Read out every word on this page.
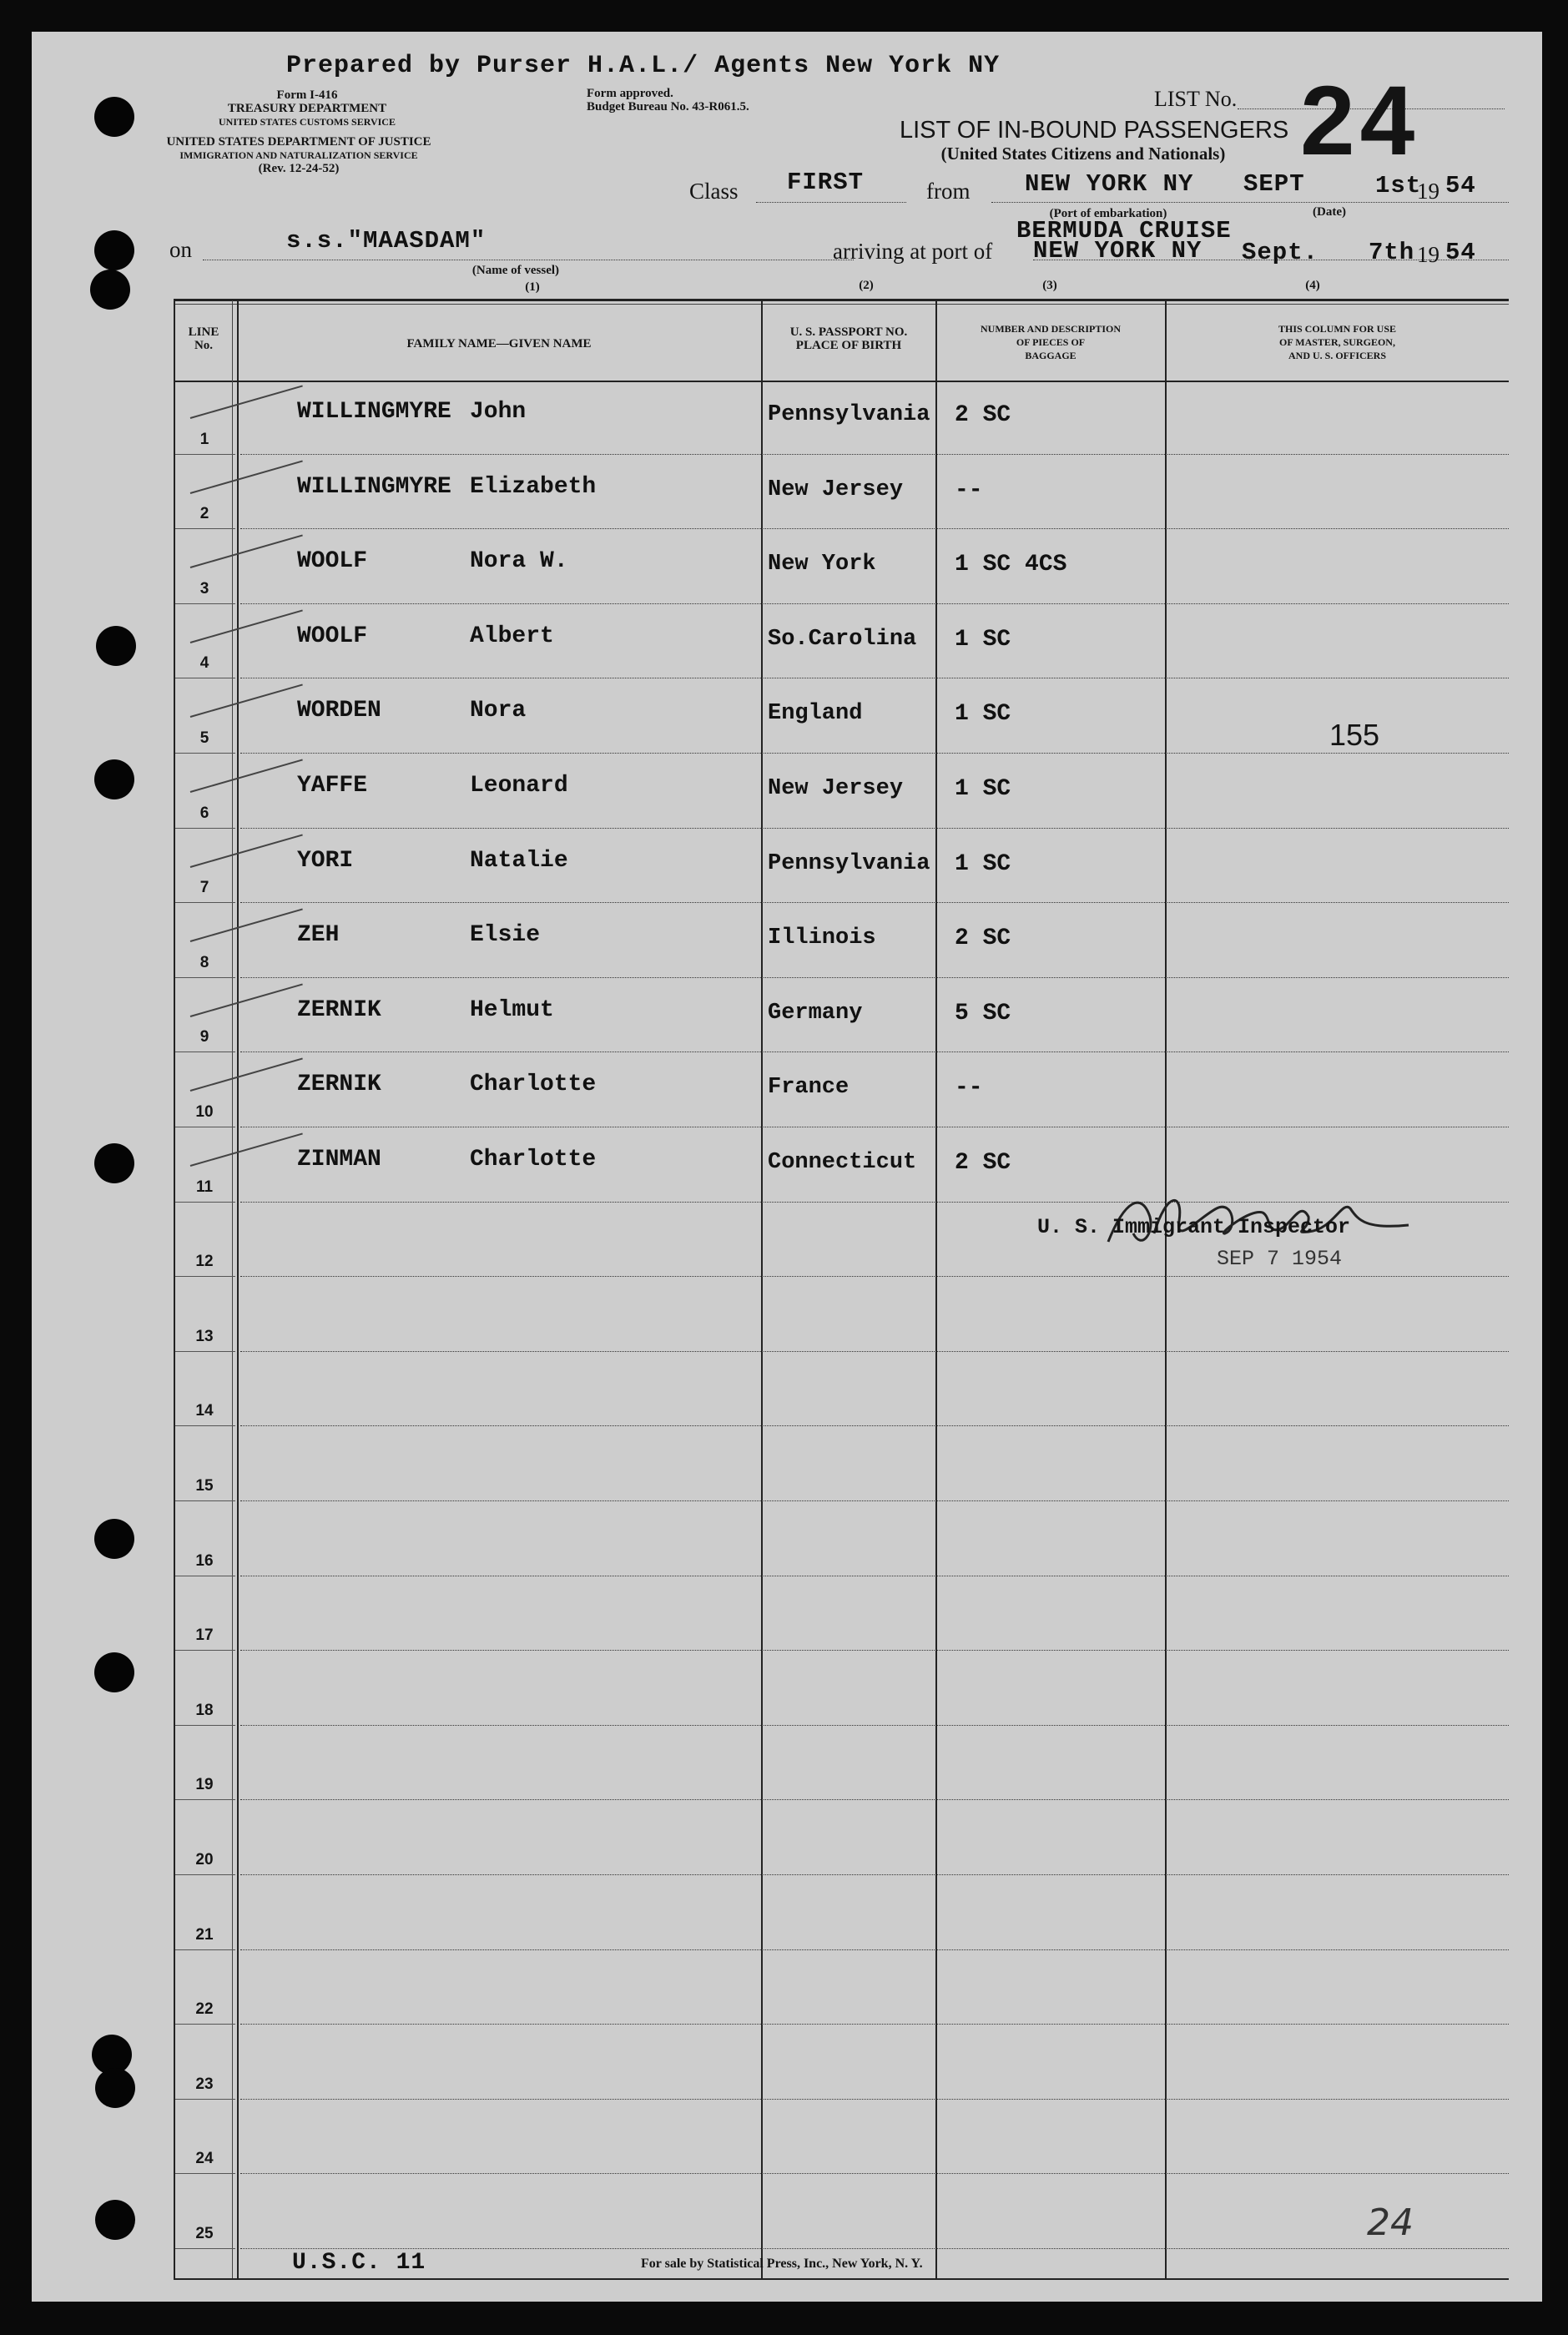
Prepared by Purser H.A.L./ Agents New York NY
Form I-416
TREASURY DEPARTMENT
UNITED STATES CUSTOMS SERVICE
Form approved.
Budget Bureau No. 43-R061.5.
UNITED STATES DEPARTMENT OF JUSTICE
IMMIGRATION AND NATURALIZATION SERVICE
(Rev. 12-24-52)
LIST No. 24
LIST OF IN-BOUND PASSENGERS
(United States Citizens and Nationals)
Class FIRST	from NEW YORK NY SEPT	1st
19 54
(Port of embarkation)	(Date)
on	s.s."MAASDAM"
(Name of vessel)
arriving at port of
BERMUDA CRUISE
NEW YORK NY Sept. 7th 19 54
(1)	(2)	(3)	(4)
LINE
No.	FAMILY NAME—GIVEN NAME
U. S. PASSPORT NO.
PLACE OF BIRTH
NUMBER AND DESCRIPTION
OF PIECES OF
BAGGAGE
THIS COLUMN FOR USE
OF MASTER, SURGEON,
AND U. S. OFFICERS
1
WILLINGMYRE John	Pennsylvania 2 SC
2
WILLINGMYRE Elizabeth	New Jersey --
3
WOOLF	Nora W.	New York	1 SC 4CS
4
WOOLF	Albert	So.Carolina 1 SC
5
WORDEN	Nora	England	1 SC
6
YAFFE	Leonard	New Jersey 1 SC
7
YORI	Natalie	Pennsylvania 1 SC
8
ZEH	Elsie	Illinois	2 SC
9
ZERNIK	Helmut	Germany	5 SC
10
ZERNIK	Charlotte	France	--
11
ZINMAN	Charlotte	Connecticut 2 SC
12
13
14
15
16
17
18
19
20
21
22
23
24
25
155
U. S. Immigrant Inspector
SEP 7 1954
U.S.C. 11	For sale by Statistical Press, Inc., New York, N. Y.
24
